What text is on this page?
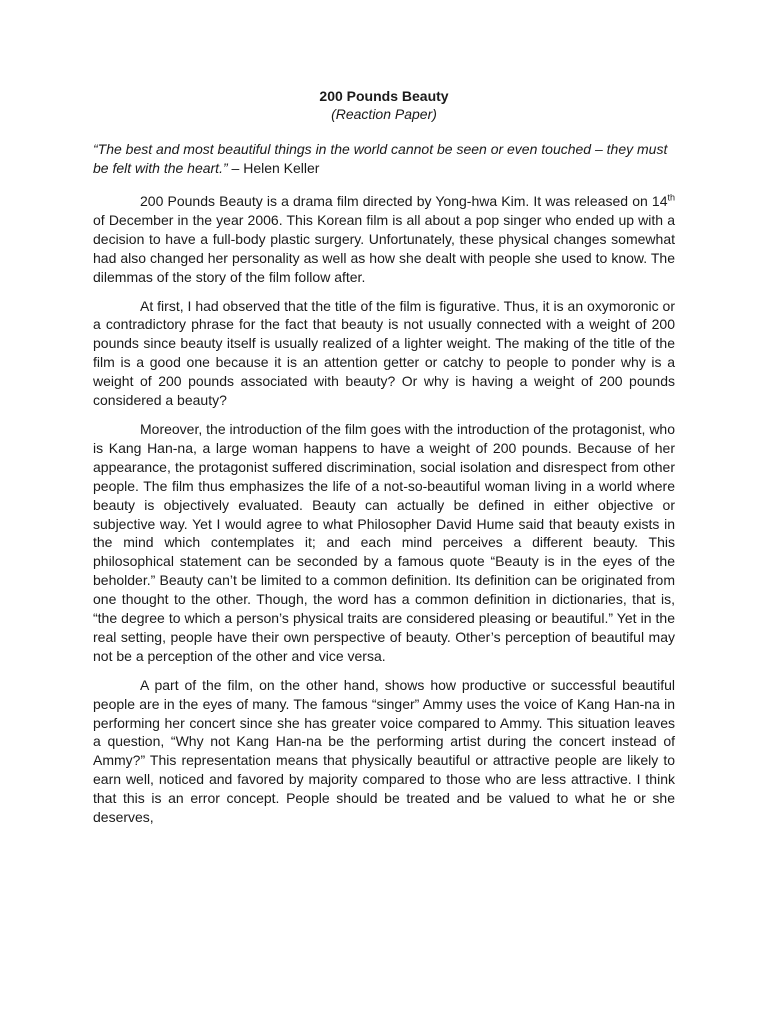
200 Pounds Beauty

(Reaction Paper)

“The best and most beautiful things in the world cannot be seen or even touched – they must be felt with the heart.” – Helen Keller

200 Pounds Beauty is a drama film directed by Yong-hwa Kim. It was released on 14th of December in the year 2006. This Korean film is all about a pop singer who ended up with a decision to have a full-body plastic surgery. Unfortunately, these physical changes somewhat had also changed her personality as well as how she dealt with people she used to know. The dilemmas of the story of the film follow after.

At first, I had observed that the title of the film is figurative. Thus, it is an oxymoronic or a contradictory phrase for the fact that beauty is not usually connected with a weight of 200 pounds since beauty itself is usually realized of a lighter weight. The making of the title of the film is a good one because it is an attention getter or catchy to people to ponder why is a weight of 200 pounds associated with beauty? Or why is having a weight of 200 pounds considered a beauty?

Moreover, the introduction of the film goes with the introduction of the protagonist, who is Kang Han-na, a large woman happens to have a weight of 200 pounds. Because of her appearance, the protagonist suffered discrimination, social isolation and disrespect from other people. The film thus emphasizes the life of a not-so-beautiful woman living in a world where beauty is objectively evaluated. Beauty can actually be defined in either objective or subjective way. Yet I would agree to what Philosopher David Hume said that beauty exists in the mind which contemplates it; and each mind perceives a different beauty. This philosophical statement can be seconded by a famous quote “Beauty is in the eyes of the beholder.” Beauty can’t be limited to a common definition. Its definition can be originated from one thought to the other. Though, the word has a common definition in dictionaries, that is, “the degree to which a person’s physical traits are considered pleasing or beautiful.” Yet in the real setting, people have their own perspective of beauty. Other’s perception of beautiful may not be a perception of the other and vice versa.

A part of the film, on the other hand, shows how productive or successful beautiful people are in the eyes of many. The famous “singer” Ammy uses the voice of Kang Han-na in performing her concert since she has greater voice compared to Ammy. This situation leaves a question, “Why not Kang Han-na be the performing artist during the concert instead of Ammy?” This representation means that physically beautiful or attractive people are likely to earn well, noticed and favored by majority compared to those who are less attractive. I think that this is an error concept. People should be treated and be valued to what he or she deserves,
